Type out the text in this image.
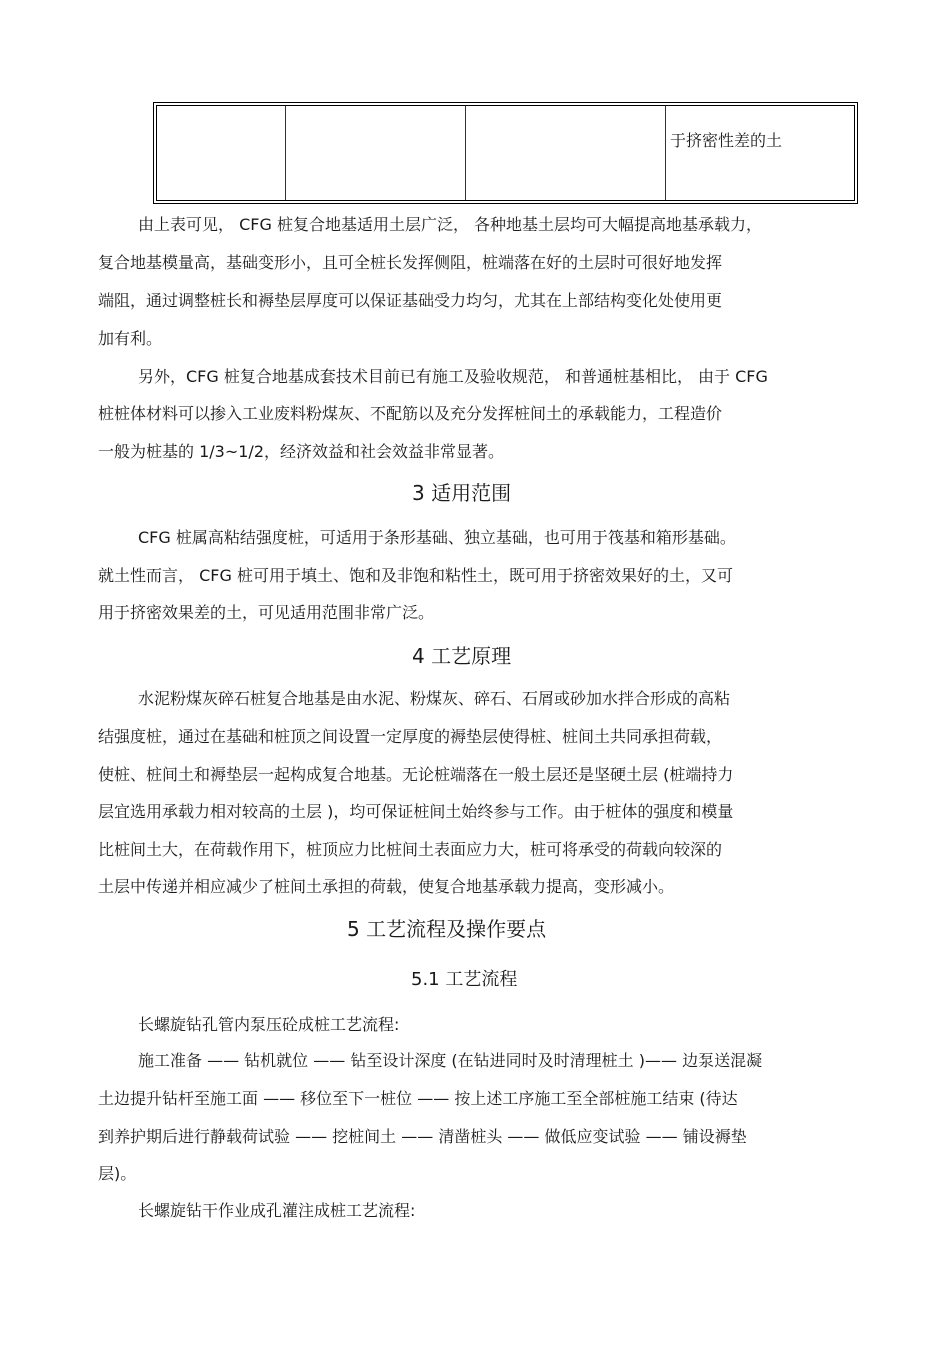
于挤密性差的土
由上表可见， CFG 桩复合地基适用土层广泛， 各种地基土层均可大幅提高地基承载力，
复合地基模量高，基础变形小，且可全桩长发挥侧阻，桩端落在好的土层时可很好地发挥
端阻，通过调整桩长和褥垫层厚度可以保证基础受力均匀，尤其在上部结构变化处使用更
加有利。
另外，CFG 桩复合地基成套技术目前已有施工及验收规范， 和普通桩基相比， 由于 CFG
桩桩体材料可以掺入工业废料粉煤灰、不配筋以及充分发挥桩间土的承载能力，工程造价
一般为桩基的 1/3~1/2，经济效益和社会效益非常显著。
3 适用范围
CFG 桩属高粘结强度桩，可适用于条形基础、独立基础，也可用于筏基和箱形基础。
就土性而言， CFG 桩可用于填土、饱和及非饱和粘性土，既可用于挤密效果好的土，又可
用于挤密效果差的土，可见适用范围非常广泛。
4 工艺原理
水泥粉煤灰碎石桩复合地基是由水泥、粉煤灰、碎石、石屑或砂加水拌合形成的高粘
结强度桩，通过在基础和桩顶之间设置一定厚度的褥垫层使得桩、桩间土共同承担荷载，
使桩、桩间土和褥垫层一起构成复合地基。无论桩端落在一般土层还是坚硬土层 (桩端持力
层宜选用承载力相对较高的土层 )，均可保证桩间土始终参与工作。由于桩体的强度和模量
比桩间土大，在荷载作用下，桩顶应力比桩间土表面应力大，桩可将承受的荷载向较深的
土层中传递并相应减少了桩间土承担的荷载，使复合地基承载力提高，变形减小。
5 工艺流程及操作要点
5.1 工艺流程
长螺旋钻孔管内泵压砼成桩工艺流程:
施工准备 —— 钻机就位 —— 钻至设计深度 (在钻进同时及时清理桩土 )—— 边泵送混凝
土边提升钻杆至施工面 —— 移位至下一桩位 —— 按上述工序施工至全部桩施工结束 (待达
到养护期后进行静载荷试验 —— 挖桩间土 —— 清凿桩头 —— 做低应变试验 —— 铺设褥垫
层)。
长螺旋钻干作业成孔灌注成桩工艺流程:
